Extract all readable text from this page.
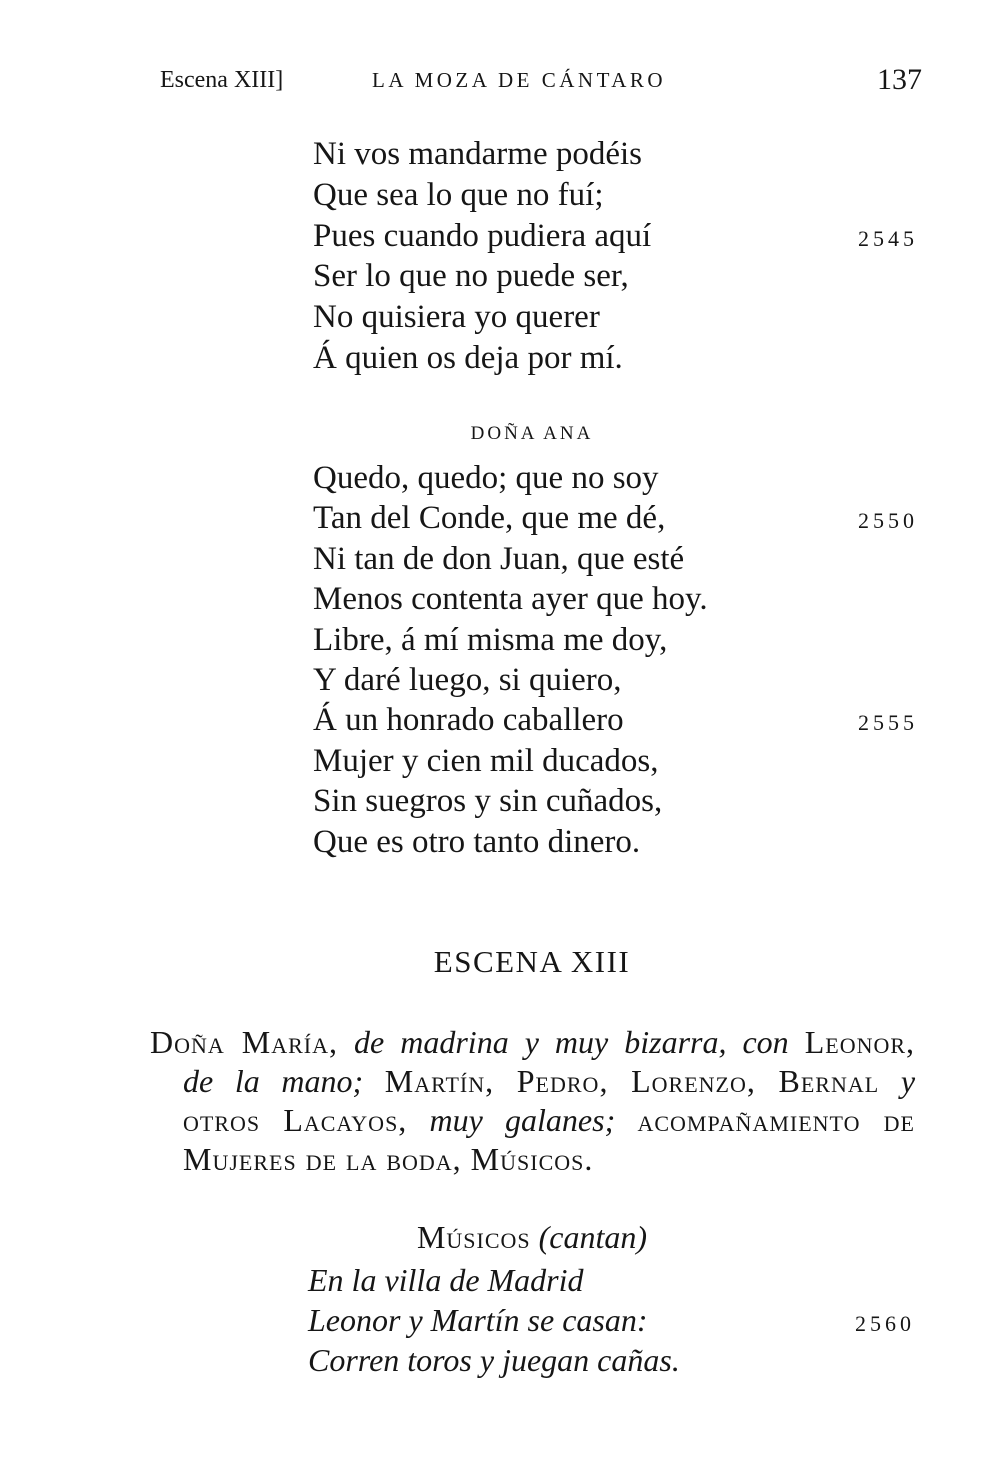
Escena XIII]	LA MOZA DE CÁNTARO	137
Ni vos mandarme podéis
Que sea lo que no fuí;
Pues cuando pudiera aquí	2545
Ser lo que no puede ser,
No quisiera yo querer
Á quien os deja por mí.
DOÑA ANA
Quedo, quedo; que no soy
Tan del Conde, que me dé,	2550
Ni tan de don Juan, que esté
Menos contenta ayer que hoy.
Libre, á mí misma me doy,
Y daré luego, si quiero,
Á un honrado caballero	2555
Mujer y cien mil ducados,
Sin suegros y sin cuñados,
Que es otro tanto dinero.
ESCENA XIII
Doña María, de madrina y muy bizarra, con Leonor,
de la mano; Martín, Pedro, Lorenzo, Bernal y
otros Lacayos, muy galanes; acompañamiento de
Mujeres de la boda, Músicos.
Músicos (cantan)
En la villa de Madrid
Leonor y Martín se casan:	2560
Corren toros y juegan cañas.
